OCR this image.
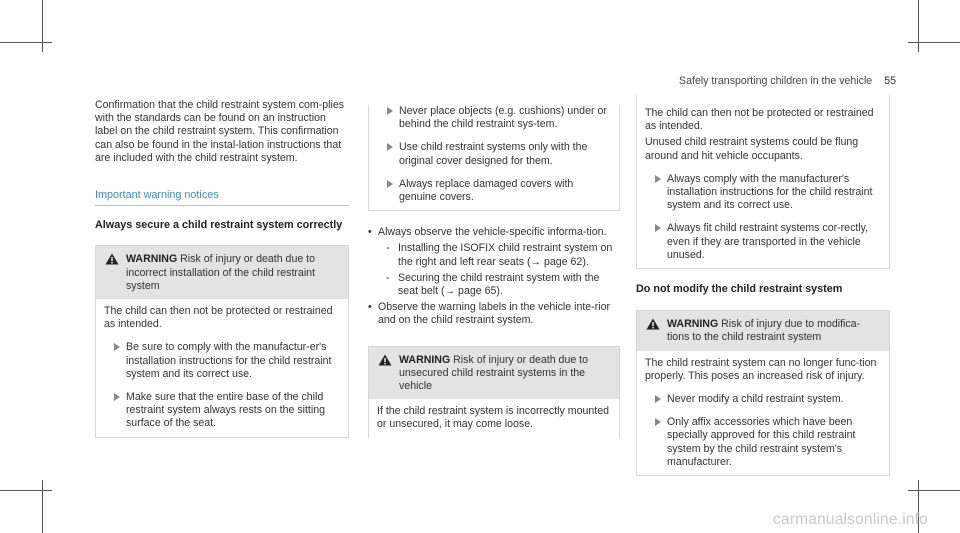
Safely transporting children in the vehicle 55

Confirmation that the child restraint system com-plies with the standards can be found on an instruction label on the child restraint system. This confirmation can also be found in the instal-lation instructions that are included with the child restraint system.

Important warning notices
Always secure a child restraint system correctly
WARNING Risk of injury or death due to incorrect installation of the child restraint system

The child can then not be protected or restrained as intended.

Be sure to comply with the manufactur-er's installation instructions for the child restraint system and its correct use.
Make sure that the entire base of the child restraint system always rests on the sitting surface of the seat.
Never place objects (e.g. cushions) under or behind the child restraint sys-tem.
Use child restraint systems only with the original cover designed for them.
Always replace damaged covers with genuine covers.
• Always observe the vehicle-specific informa-tion.
- Installing the ISOFIX child restraint system on the right and left rear seats (→ page 62).
- Securing the child restraint system with the seat belt (→ page 65).
• Observe the warning labels in the vehicle inte-rior and on the child restraint system.
WARNING Risk of injury or death due to unsecured child restraint systems in the vehicle

If the child restraint system is incorrectly mounted or unsecured, it may come loose.

The child can then not be protected or restrained as intended.

Unused child restraint systems could be flung around and hit vehicle occupants.

Always comply with the manufacturer's installation instructions for the child restraint system and its correct use.
Always fit child restraint systems cor-rectly, even if they are transported in the vehicle unused.
Do not modify the child restraint system
WARNING Risk of injury due to modifica-tions to the child restraint system

The child restraint system can no longer func-tion properly. This poses an increased risk of injury.

Never modify a child restraint system.
Only affix accessories which have been specially approved for this child restraint system by the child restraint system's manufacturer.
carmanualsonline.info
